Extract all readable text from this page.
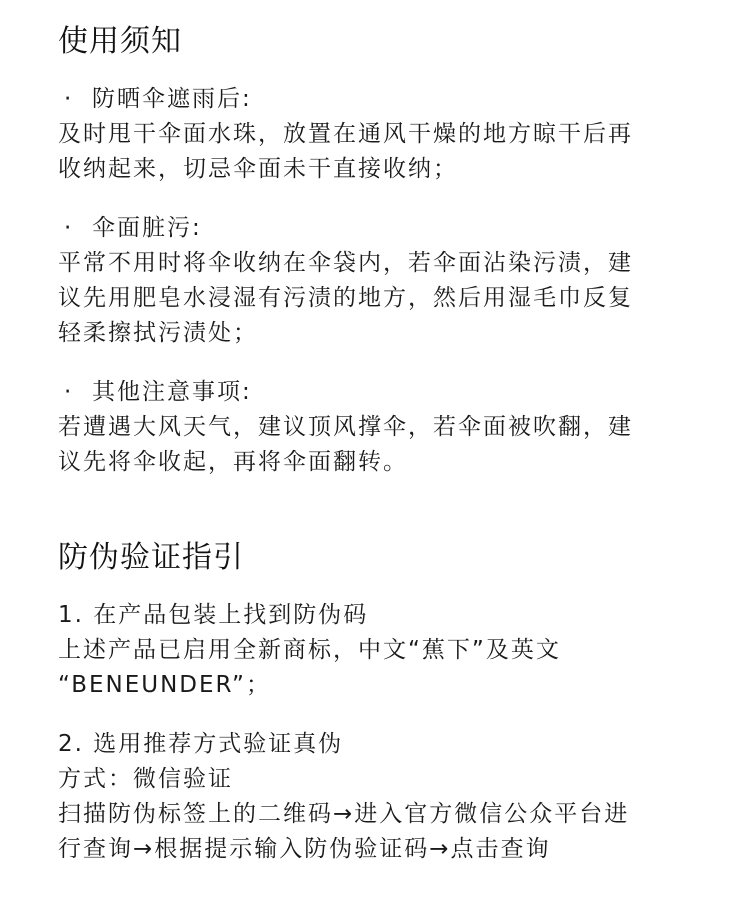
使用须知
· 防晒伞遮雨后:

及时甩干伞面水珠，放置在通风干燥的地方晾干后再

收纳起来，切忌伞面未干直接收纳；

· 伞面脏污:

平常不用时将伞收纳在伞袋内，若伞面沾染污渍，建

议先用肥皂水浸湿有污渍的地方，然后用湿毛巾反复

轻柔擦拭污渍处；

· 其他注意事项:

若遭遇大风天气，建议顶风撑伞，若伞面被吹翻，建

议先将伞收起，再将伞面翻转。

防伪验证指引

1. 在产品包装上找到防伪码

上述产品已启用全新商标，中文“蕉下”及英文

“BENEUNDER”；

2. 选用推荐方式验证真伪

方式：微信验证

扫描防伪标签上的二维码→进入官方微信公众平台进

行查询→根据提示输入防伪验证码→点击查询
